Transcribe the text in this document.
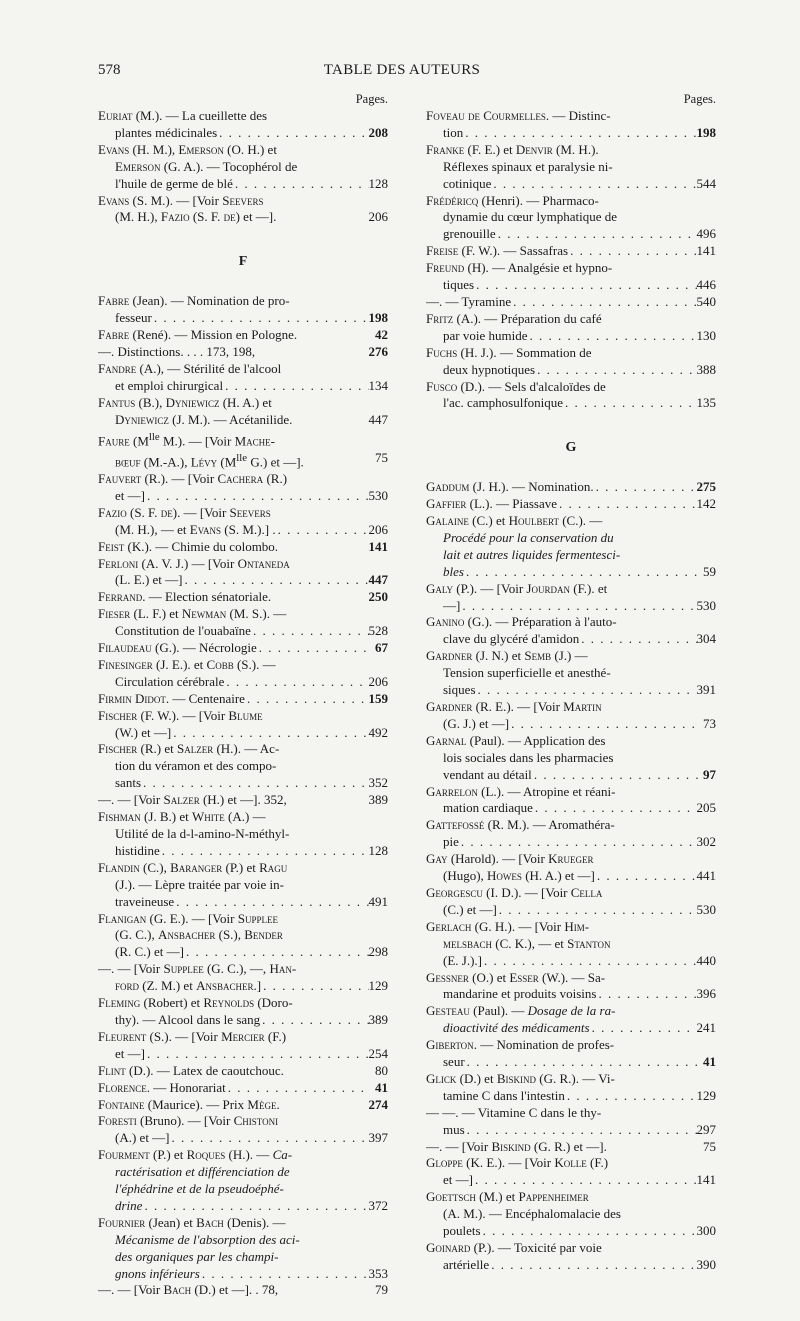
578	TABLE DES AUTEURS
Pages.
Euriat (M.). — La cueillette des
plantes médicinales . . .	208
Evans (H. M.), Emerson (O. H.) et
Emerson (G. A.). — Tocophérol de
l'huile de germe de blé . . .	128
Evans (S. M.). — [Voir Seevers
(M. H.), Fazio (S. F. de) et —].	206
F
Fabre (Jean). — Nomination de pro-
fesseur . . .	198
Fabre (René). — Mission en Pologne.	42
—. Distinctions. . . . 173, 198,	276
Fandre (A.), — Stérilité de l'alcool
et emploi chirurgical . . .	134
Fantus (B.), Dyniewicz (H. A.) et
Dyniewicz (J. M.). — Acétanilide.	447
Faure ($M^{lle}$ M.). — [Voir Mache-
bœuf (M.-A.), Lévy ($M^{lle}$ G.) et —].	75
Fauvert (R.). — [Voir Cachera (R.)
et —] . . .	530
Fazio (S. F. de). — [Voir Seevers
(M. H.), — et Evans (S. M.).] . . . .	206
Feist (K.). — Chimie du colombo.	141
Ferloni (A. V. J.) — [Voir Ontaneda
(L. E.) et —] . . .	447
Ferrand. — Election sénatoriale.	250
Fieser (L. F.) et Newman (M. S.). —
Constitution de l'ouabaïne . . .	528
Filaudeau (G.). — Nécrologie . . .	67
Finesinger (J. E.). et Cobb (S.). —
Circulation cérébrale . . .	206
Firmin Didot. — Centenaire . . .	159
Fischer (F. W.). — [Voir Blume
(W.) et —] . . .	492
Fischer (R.) et Salzer (H.). — Ac-
tion du véramon et des compo-
sants . . .	352
—. — [Voir Salzer (H.) et —]. 352,	389
Fishman (J. B.) et White (A.) —
Utilité de la d-l-amino-N-méthyl-
histidine . . .	128
Flandin (C.), Baranger (P.) et Ragu
(J.). — Lèpre traitée par voie in-
traveineuse . . .	491
Flanigan (G. E.). — [Voir Supplee
(G. C.), Ansbacher (S.), Bender
(R. C.) et —] . . .	298
—. — [Voir Supplee (G. C.), —, Han-
ford (Z. M.) et Ansbacher.] . . .	129
Fleming (Robert) et Reynolds (Doro-
thy). — Alcool dans le sang . . .	389
Fleurent (S.). — [Voir Mercier (F.)
et —] . . .	254
Flint (D.). — Latex de caoutchouc.	80
Florence. — Honorariat . . .	41
Fontaine (Maurice). — Prix Mège.	274
Foresti (Bruno). — [Voir Chistoni
(A.) et —] . . .	397
Fourment (P.) et Roques (H.). — Ca-
ractérisation et différenciation de
l'éphédrine et de la pseudoéphé-
drine . . .	372
Fournier (Jean) et Bach (Denis). —
Mécanisme de l'absorption des aci-
des organiques par les champi-
gnons inférieurs . . .	353
—. — [Voir Bach (D.) et —]. . 78,	79
Pages.
Foveau de Courmelles. — Distinc-
tion . . .	198
Franke (F. E.) et Denvir (M. H.).
Réflexes spinaux et paralysie ni-
cotinique . . .	544
Frédéricq (Henri). — Pharmaco-
dynamie du cœur lymphatique de
grenouille . . .	496
Freise (F. W.). — Sassafras . . .	141
Freund (H). — Analgésie et hypno-
tiques . . .	446
—. — Tyramine . . .	540
Fritz (A.). — Préparation du café
par voie humide . . .	130
Fuchs (H. J.). — Sommation de
deux hypnotiques . . .	388
Fusco (D.). — Sels d'alcaloïdes de
l'ac. camphosulfonique . . .	135
G
Gaddum (J. H.). — Nomination. . . .	275
Gaffier (L.). — Piassave . . .	142
Galaine (C.) et Houlbert (C.). —
Procédé pour la conservation du
lait et autres liquides fermentesci-
bles . . .	59
Galy (P.). — [Voir Jourdan (F.). et
—] . . .	530
Ganino (G.). — Préparation à l'auto-
clave du glycéré d'amidon . . .	304
Gardner (J. N.) et Semb (J.) —
Tension superficielle et anesthé-
siques . . .	391
Gardner (R. E.). — [Voir Martin
(G. J.) et —] . . .	73
Garnal (Paul). — Application des
lois sociales dans les pharmacies
vendant au détail . . .	97
Garrelon (L.). — Atropine et réani-
mation cardiaque . . .	205
Gattefossé (R. M.). — Aromathéra-
pie . . .	302
Gay (Harold). — [Voir Krueger
(Hugo), Howes (H. A.) et —] . . .	441
Georgescu (I. D.). — [Voir Cella
(C.) et —] . . .	530
Gerlach (G. H.). — [Voir Him-
melsbach (C. K.), — et Stanton
(E. J.).] . . .	440
Gessner (O.) et Esser (W.). — Sa-
mandarine et produits voisins . . .	396
Gesteau (Paul). — Dosage de la ra-
dioactivité des médicaments . . .	241
Giberton. — Nomination de profes-
seur . . .	41
Glick (D.) et Biskind (G. R.). — Vi-
tamine C dans l'intestin . . .	129
— —. — Vitamine C dans le thy-
mus . . .	297
—. — [Voir Biskind (G. R.) et —].	75
Gloppe (K. E.). — [Voir Kolle (F.)
et —] . . .	141
Goettsch (M.) et Pappenheimer
(A. M.). — Encéphalomalacie des
poulets . . .	300
Goinard (P.). — Toxicité par voie
artérielle . . .	390
